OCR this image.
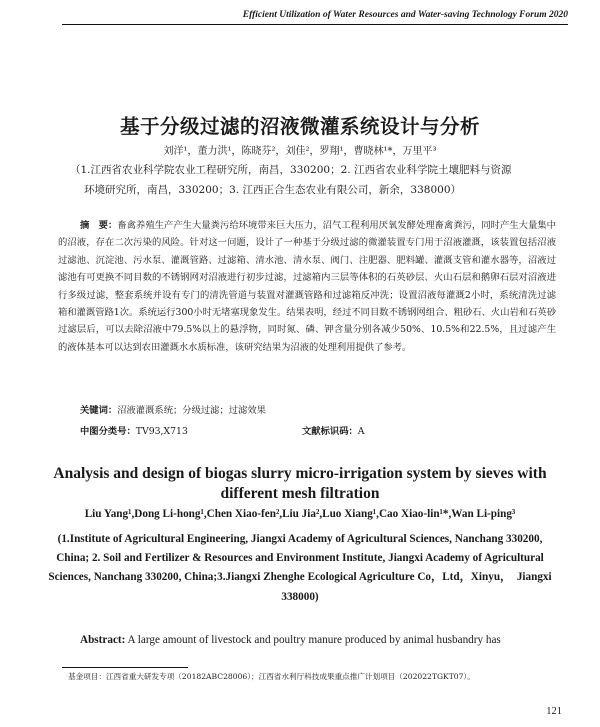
Efficient Utilization of Water Resources and Water-saving Technology Forum 2020
基于分级过滤的沼液微灌系统设计与分析
刘洋¹，董力洪¹，陈晓芬²，刘佳²，罗翔¹，曹晓林¹*，万里平³
（1.江西省农业科学院农业工程研究所，南昌，330200；2. 江西省农业科学院土壤肥料与资源
环境研究所，南昌，330200；3. 江西正合生态农业有限公司，新余，338000）
摘　要：畜禽养殖生产产生大量粪污给环境带来巨大压力，沼气工程利用厌氧发酵处理畜禽粪污，同时产生大量集中的沼液，存在二次污染的风险。针对这一问题，设计了一种基于分级过滤的微灌装置专门用于沼液灌溉，该装置包括沼液过滤池、沉淀池、污水泵、灌溉管路、过滤箱、清水池、清水泵、阀门、注肥器、肥料罐、灌溉支管和灌水器等，沼液过滤池有可更换不同目数的不锈钢网对沼液进行初步过滤，过滤箱内三层等体积的石英砂层、火山石层和鹅卵石层对沼液进行多级过滤，整套系统并设有专门的清洗管道与装置对灌溉管路和过滤箱反冲洗；设置沼液每灌溉2小时，系统清洗过滤箱和灌溉管路1次。系统运行300小时无堵塞现象发生。结果表明，经过不同目数不锈钢网组合、粗砂石、火山岩和石英砂过滤层后，可以去除沼液中79.5%以上的悬浮物，同时氮、磷、钾含量分别各减少50%、10.5%和22.5%，且过滤产生的液体基本可以达到农田灌溉水水质标准，该研究结果为沼液的处理利用提供了参考。
关键词：沼液灌溉系统；分级过滤；过滤效果
中图分类号：TV93,X713	文献标识码：A
Analysis and design of biogas slurry micro-irrigation system by sieves with different mesh filtration
Liu Yang¹,Dong Li-hong¹,Chen Xiao-fen²,Liu Jia²,Luo Xiang¹,Cao Xiao-lin¹*,Wan Li-ping³
(1.Institute of Agricultural Engineering, Jiangxi Academy of Agricultural Sciences, Nanchang 330200, China; 2. Soil and Fertilizer & Resources and Environment Institute, Jiangxi Academy of Agricultural Sciences, Nanchang 330200, China;3.Jiangxi Zhenghe Ecological Agriculture Co，Ltd，Xinyu，　Jiangxi 338000)
Abstract: A large amount of livestock and poultry manure produced by animal husbandry has
基金项目：江西省重大研发专项（20182ABC28006）；江西省水利厅科技成果重点推广计划项目（202022TGKT07）。
121
